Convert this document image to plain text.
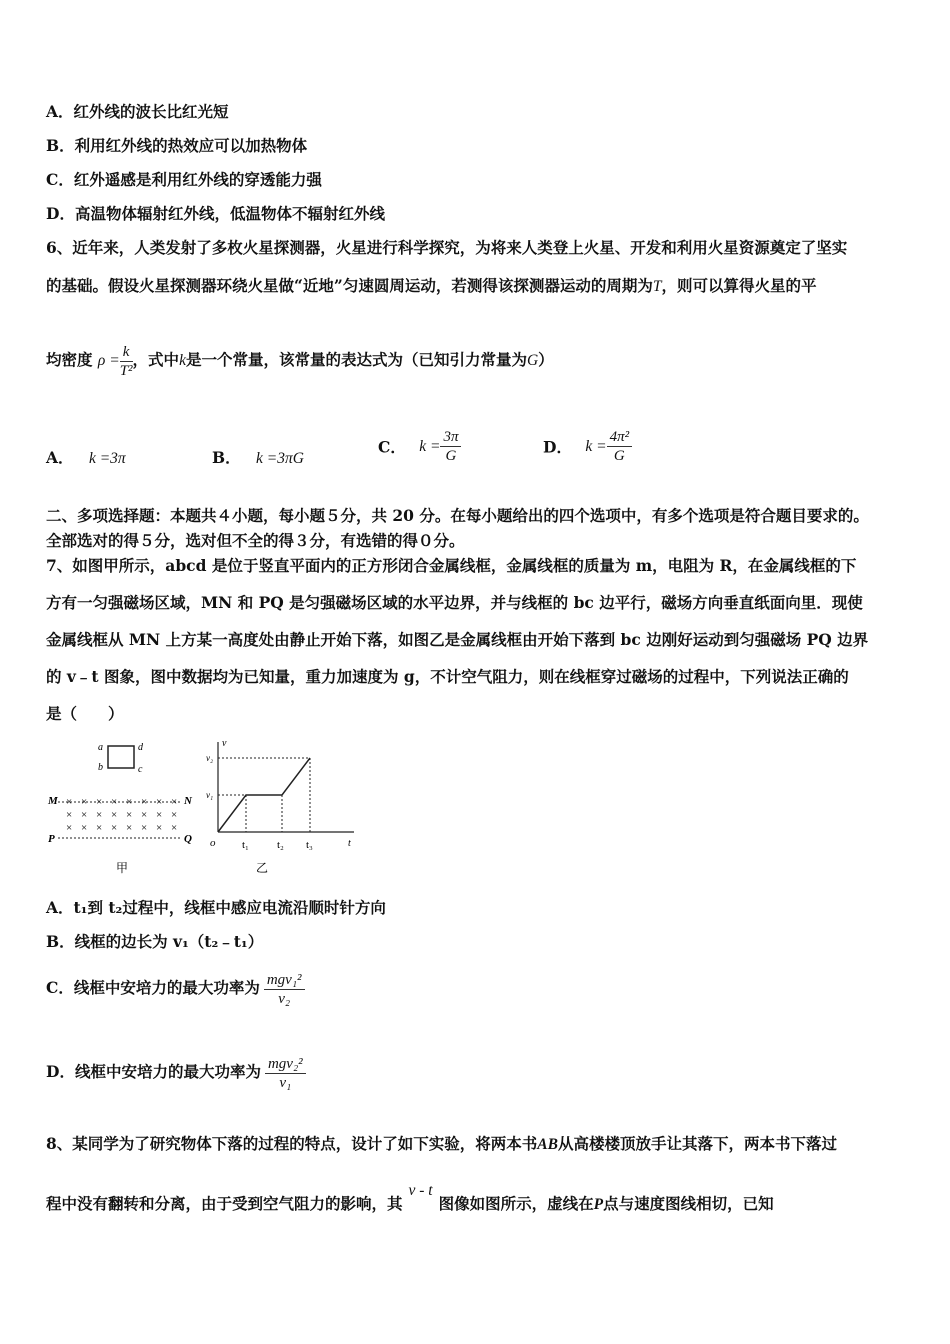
A．红外线的波长比红光短
B．利用红外线的热效应可以加热物体
C．红外遥感是利用红外线的穿透能力强
D．高温物体辐射红外线，低温物体不辐射红外线
6、近年来，人类发射了多枚火星探测器，火星进行科学探究，为将来人类登上火星、开发和利用火星资源奠定了坚实
的基础。假设火星探测器环绕火星做“近地”匀速圆周运动，若测得该探测器运动的周期为T，则可以算得火星的平
均密度 $\rho = \frac{k}{\text{T²}}$ ，式中k是一个常量，该常量的表达式为（已知引力常量为G）
A． k =3π	B． k =3πG
C． $k = \frac{3\pi}{G}$	D． $k = \frac{\text{4π²}}{G}$
二、多项选择题：本题共４小题，每小题５分，共 20 分。在每小题给出的四个选项中，有多个选项是符合题目要求的。
全部选对的得５分，选对但不全的得３分，有选错的得０分。
7、如图甲所示，abcd 是位于竖直平面内的正方形闭合金属线框，金属线框的质量为 m，电阻为 R，在金属线框的下
方有一匀强磁场区域，MN 和 PQ 是匀强磁场区域的水平边界，并与线框的 bc 边平行，磁场方向垂直纸面向里．现使
金属线框从 MN 上方某一高度处由静止开始下落，如图乙是金属线框由开始下落到 bc 边刚好运动到匀强磁场 PQ 边界
的 v﹣t 图象，图中数据均为已知量，重力加速度为 g，不计空气阻力，则在线框穿过磁场的过程中，下列说法正确的
是（　　）
a	d
b	c
M	N
P	Q
× × × × × × × ×
× × × × × × × ×
× × × × × × × ×
甲
v
v₂
v₁
o t₁	t₂ t₃	t
乙
A．t₁到 t₂过程中，线框中感应电流沿顺时针方向
B．线框的边长为 v₁（t₂﹣t₁）
C．线框中安培力的最大功率为 $\frac{\text{mgv₁²}}{\text{v₂}}$
D．线框中安培力的最大功率为 $\frac{\text{mgv₂²}}{\text{v₁}}$
8、某同学为了研究物体下落的过程的特点，设计了如下实验，将两本书AB从高楼楼顶放手让其落下，两本书下落过
程中没有翻转和分离，由于受到空气阻力的影响，其v - t图像如图所示，虚线在P点与速度图线相切，已知
